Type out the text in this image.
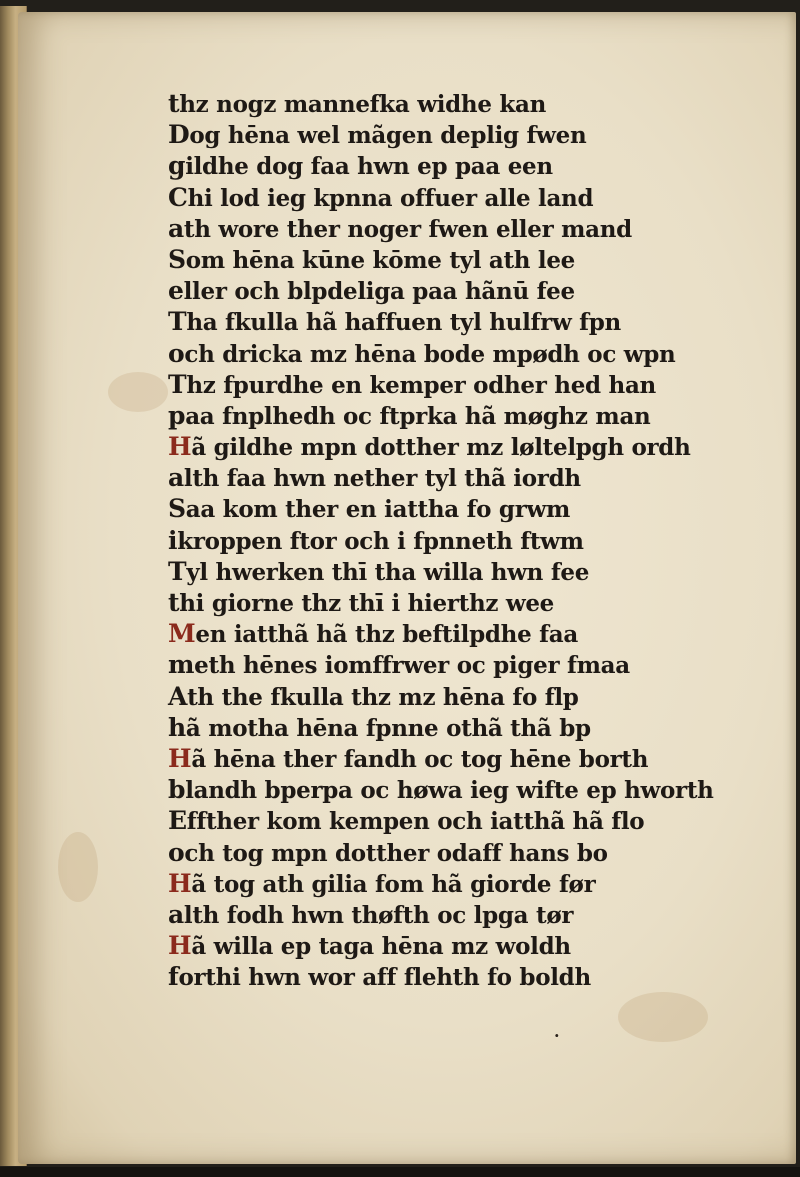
t hz nogz mannefka widhe kan
D og hēna wel mãgen deplig fwen
g ildhe dog faa hwn ep paa een
C hi lod ieg kpnna offuer alle land
a th wore ther noger fwen eller mand
S om hēna kūne kōme tyl ath lee
e ller och blpdeliga paa hãnū fee
T ha fkulla hã haffuen tyl hulfrw fpn
o ch dricka mz hēna bode mpødh oc wpn
T hz fpurdhe en kemper odher hed han
p aa fnplhedh oc ftprka hã møghz man
H ã gildhe mpn dotther mz løltelpgh ordh
a lth faa hwn nether tyl thã iordh
S aa kom ther en iattha fo grwm
i kroppen ftor och i fpnneth ftwm
T yl hwerken thī tha willa hwn fee
t hi giorne thz thī i hierthz wee
M en iatthã hã thz beftilpdhe faa
m eth hēnes iomffrwer oc piger fmaa
A th the fkulla thz mz hēna fo flp
h ã motha hēna fpnne othã thã bp
H ã hēna ther fandh oc tog hēne borth
b landh bperpa oc høwa ieg wifte ep hworth
E ffther kom kempen och iatthã hã flo
o ch tog mpn dotther odaff hans bo
H ã tog ath gilia fom hã giorde før
a lth fodh hwn thøfth oc lpga tør
H ã willa ep taga hēna mz woldh
f orthi hwn wor aff flehth fo boldh
·
